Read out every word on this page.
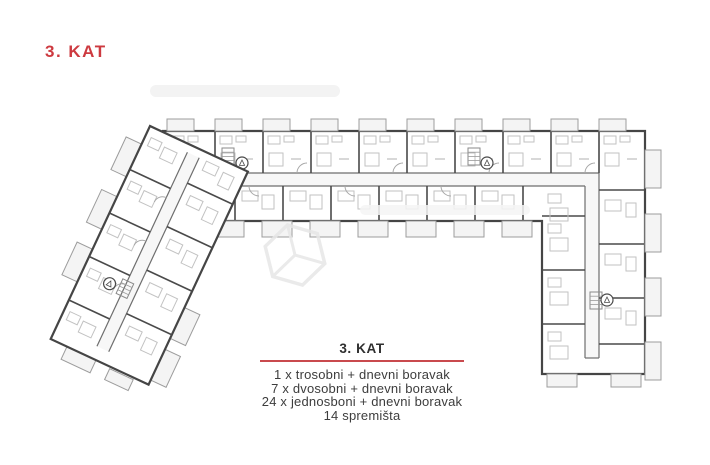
3. KAT
3. KAT
1 x trosobni + dnevni boravak
7 x dvosobni + dnevni boravak
24 x jednosboni + dnevni boravak
14 spremišta
